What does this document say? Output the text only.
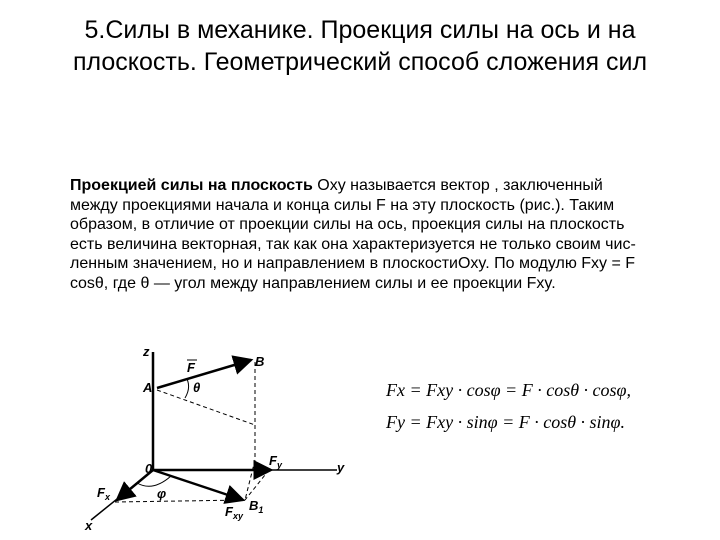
5.Силы в механике. Проекция силы на ось и на плоскость. Геометрический способ сложения сил
Проекцией силы на плоскость Oxy называется вектор , заключенный между проекциями начала и конца силы F на эту плоскость (рис.). Таким образом, в отличие от проекции силы на ось, проекция силы на плоскость есть величина векторная, так как она характеризуется не только своим чис-ленным значением, но и направлением в плоскостиOxy. По модулю Fxy = F cosθ, где θ — угол между направлением силы и ее проекции Fxy.
z
A
F
θ
B
0
$F_y$	y
$F_x$	φ
$F_{xy}$
$B_1$
x
Fx = Fxy · cosφ = F · cosθ · cosφ,
Fy = Fxy · sinφ = F · cosθ · sinφ.
